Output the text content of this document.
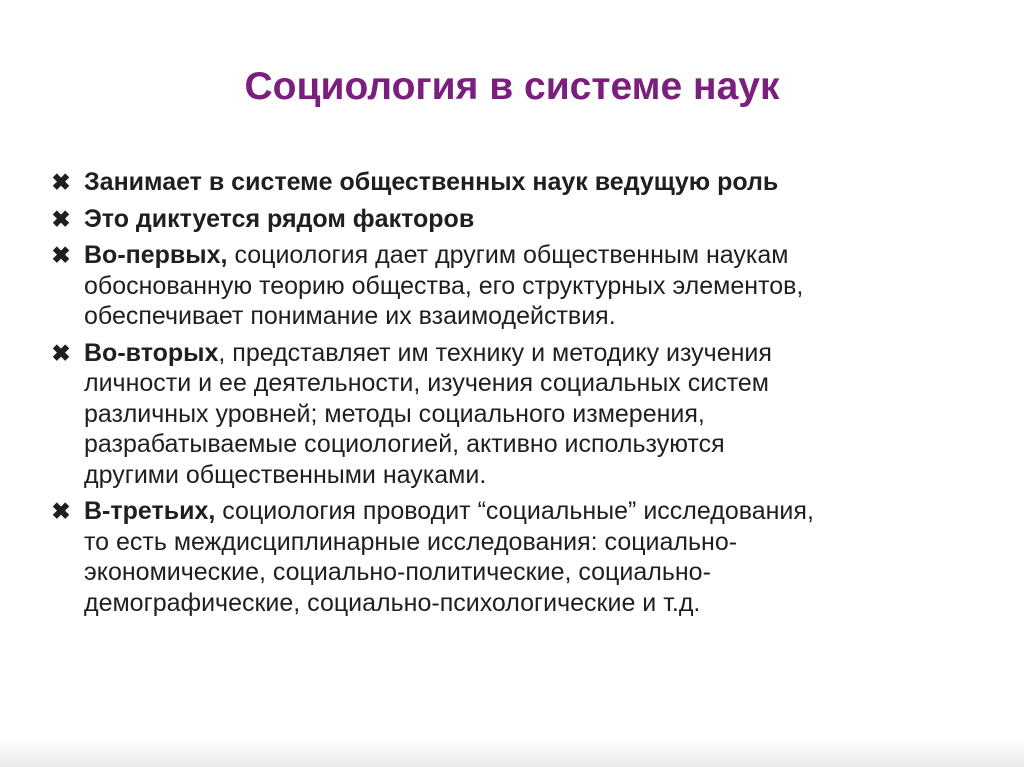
Социология в системе наук
✖ Занимает в системе общественных наук ведущую роль
✖ Это диктуется рядом факторов
✖ Во-первых, социология дает другим общественным наукам
обоснованную теорию общества, его структурных элементов,
обеспечивает понимание их взаимодействия.
✖ Во-вторых, представляет им технику и методику изучения
личности и ее деятельности, изучения социальных систем
различных уровней; методы социального измерения,
разрабатываемые социологией, активно используются
другими общественными науками.
✖ В-третьих, социология проводит “социальные” исследования,
то есть междисциплинарные исследования: социально-
экономические, социально-политические, социально-
демографические, социально-психологические и т.д.
